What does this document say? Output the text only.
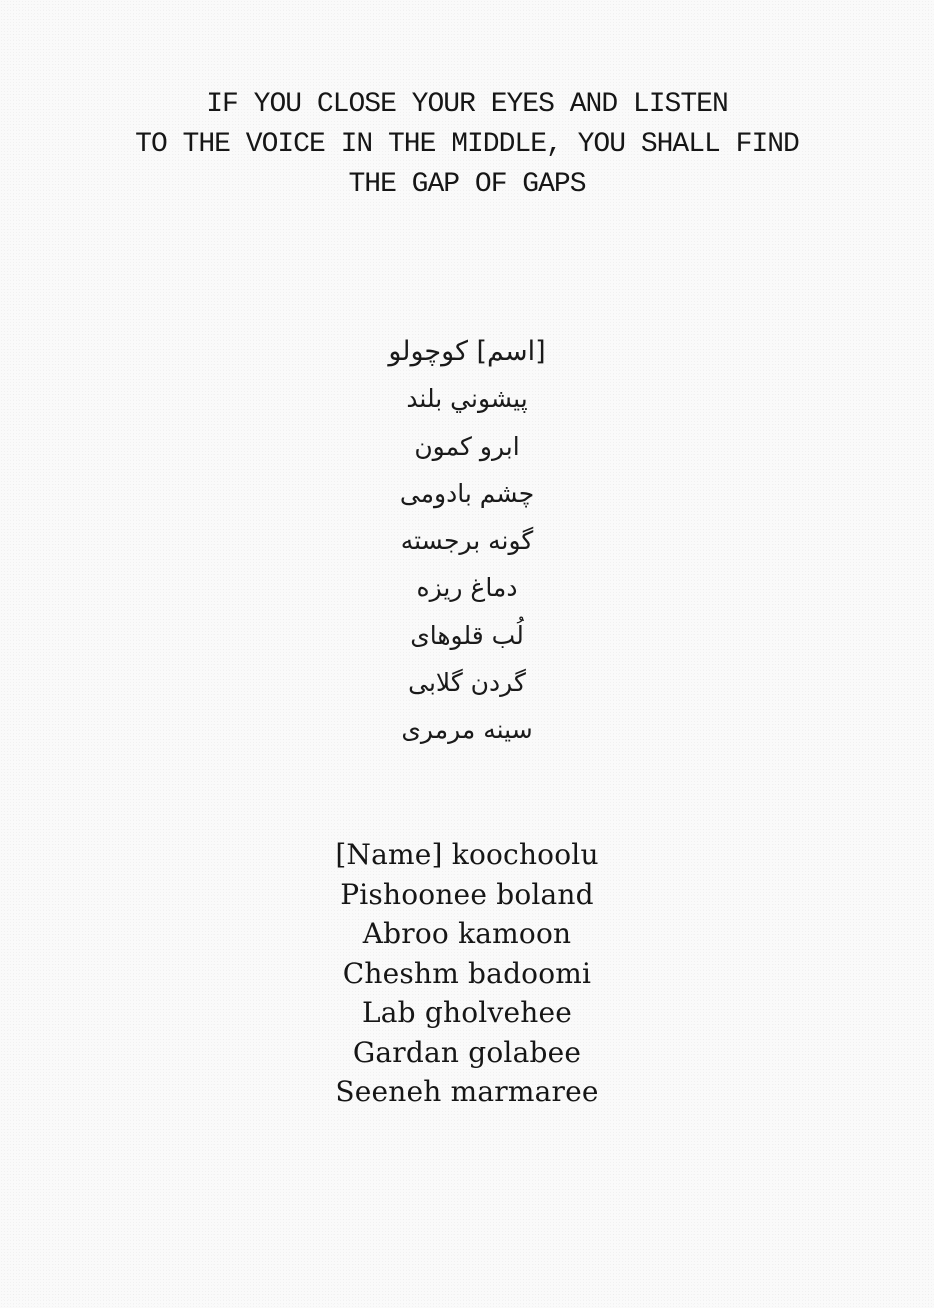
IF YOU CLOSE YOUR EYES AND LISTEN
TO THE VOICE IN THE MIDDLE, YOU SHALL FIND
THE GAP OF GAPS
[اسم] کوچولو
پیشوني بلند
ابرو کمون
چشم بادومی
گونه برجسته
دماغ ریزه
لُب قلوهای
گردن گلابی
سینه مرمری
[Name] koochoolu
Pishoonee boland
Abroo kamoon
Cheshm badoomi
Lab gholvehee
Gardan golabee
Seeneh marmaree
